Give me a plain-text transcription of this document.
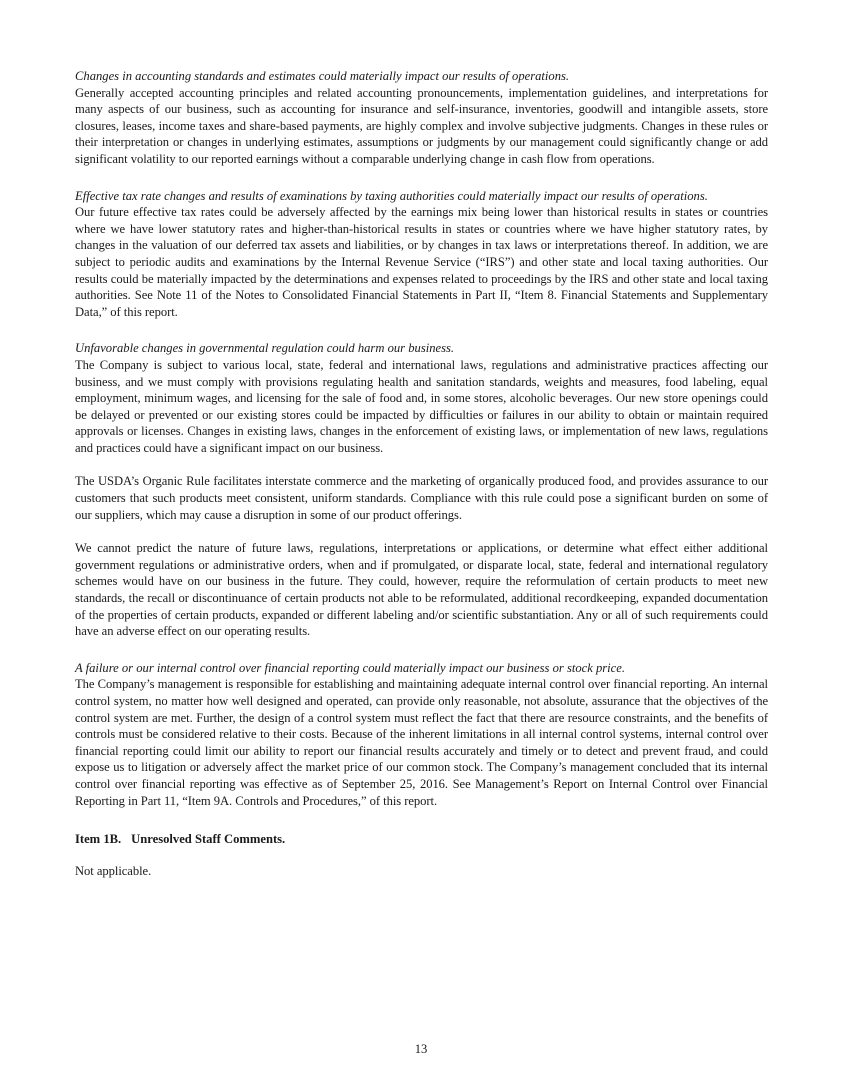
Changes in accounting standards and estimates could materially impact our results of operations.

Generally accepted accounting principles and related accounting pronouncements, implementation guidelines, and interpretations for many aspects of our business, such as accounting for insurance and self-insurance, inventories, goodwill and intangible assets, store closures, leases, income taxes and share-based payments, are highly complex and involve subjective judgments. Changes in these rules or their interpretation or changes in underlying estimates, assumptions or judgments by our management could significantly change or add significant volatility to our reported earnings without a comparable underlying change in cash flow from operations.

Effective tax rate changes and results of examinations by taxing authorities could materially impact our results of operations.

Our future effective tax rates could be adversely affected by the earnings mix being lower than historical results in states or countries where we have lower statutory rates and higher-than-historical results in states or countries where we have higher statutory rates, by changes in the valuation of our deferred tax assets and liabilities, or by changes in tax laws or interpretations thereof. In addition, we are subject to periodic audits and examinations by the Internal Revenue Service (“IRS”) and other state and local taxing authorities. Our results could be materially impacted by the determinations and expenses related to proceedings by the IRS and other state and local taxing authorities. See Note 11 of the Notes to Consolidated Financial Statements in Part II, “Item 8. Financial Statements and Supplementary Data,” of this report.

Unfavorable changes in governmental regulation could harm our business.

The Company is subject to various local, state, federal and international laws, regulations and administrative practices affecting our business, and we must comply with provisions regulating health and sanitation standards, weights and measures, food labeling, equal employment, minimum wages, and licensing for the sale of food and, in some stores, alcoholic beverages. Our new store openings could be delayed or prevented or our existing stores could be impacted by difficulties or failures in our ability to obtain or maintain required approvals or licenses. Changes in existing laws, changes in the enforcement of existing laws, or implementation of new laws, regulations and practices could have a significant impact on our business.

The USDA’s Organic Rule facilitates interstate commerce and the marketing of organically produced food, and provides assurance to our customers that such products meet consistent, uniform standards. Compliance with this rule could pose a significant burden on some of our suppliers, which may cause a disruption in some of our product offerings.

We cannot predict the nature of future laws, regulations, interpretations or applications, or determine what effect either additional government regulations or administrative orders, when and if promulgated, or disparate local, state, federal and international regulatory schemes would have on our business in the future. They could, however, require the reformulation of certain products to meet new standards, the recall or discontinuance of certain products not able to be reformulated, additional recordkeeping, expanded documentation of the properties of certain products, expanded or different labeling and/or scientific substantiation. Any or all of such requirements could have an adverse effect on our operating results.

A failure or our internal control over financial reporting could materially impact our business or stock price.

The Company’s management is responsible for establishing and maintaining adequate internal control over financial reporting. An internal control system, no matter how well designed and operated, can provide only reasonable, not absolute, assurance that the objectives of the control system are met. Further, the design of a control system must reflect the fact that there are resource constraints, and the benefits of controls must be considered relative to their costs. Because of the inherent limitations in all internal control systems, internal control over financial reporting could limit our ability to report our financial results accurately and timely or to detect and prevent fraud, and could expose us to litigation or adversely affect the market price of our common stock. The Company’s management concluded that its internal control over financial reporting was effective as of September 25, 2016. See Management’s Report on Internal Control over Financial Reporting in Part 11, “Item 9A. Controls and Procedures,” of this report.

Item 1B. Unresolved Staff Comments.

Not applicable.

13
